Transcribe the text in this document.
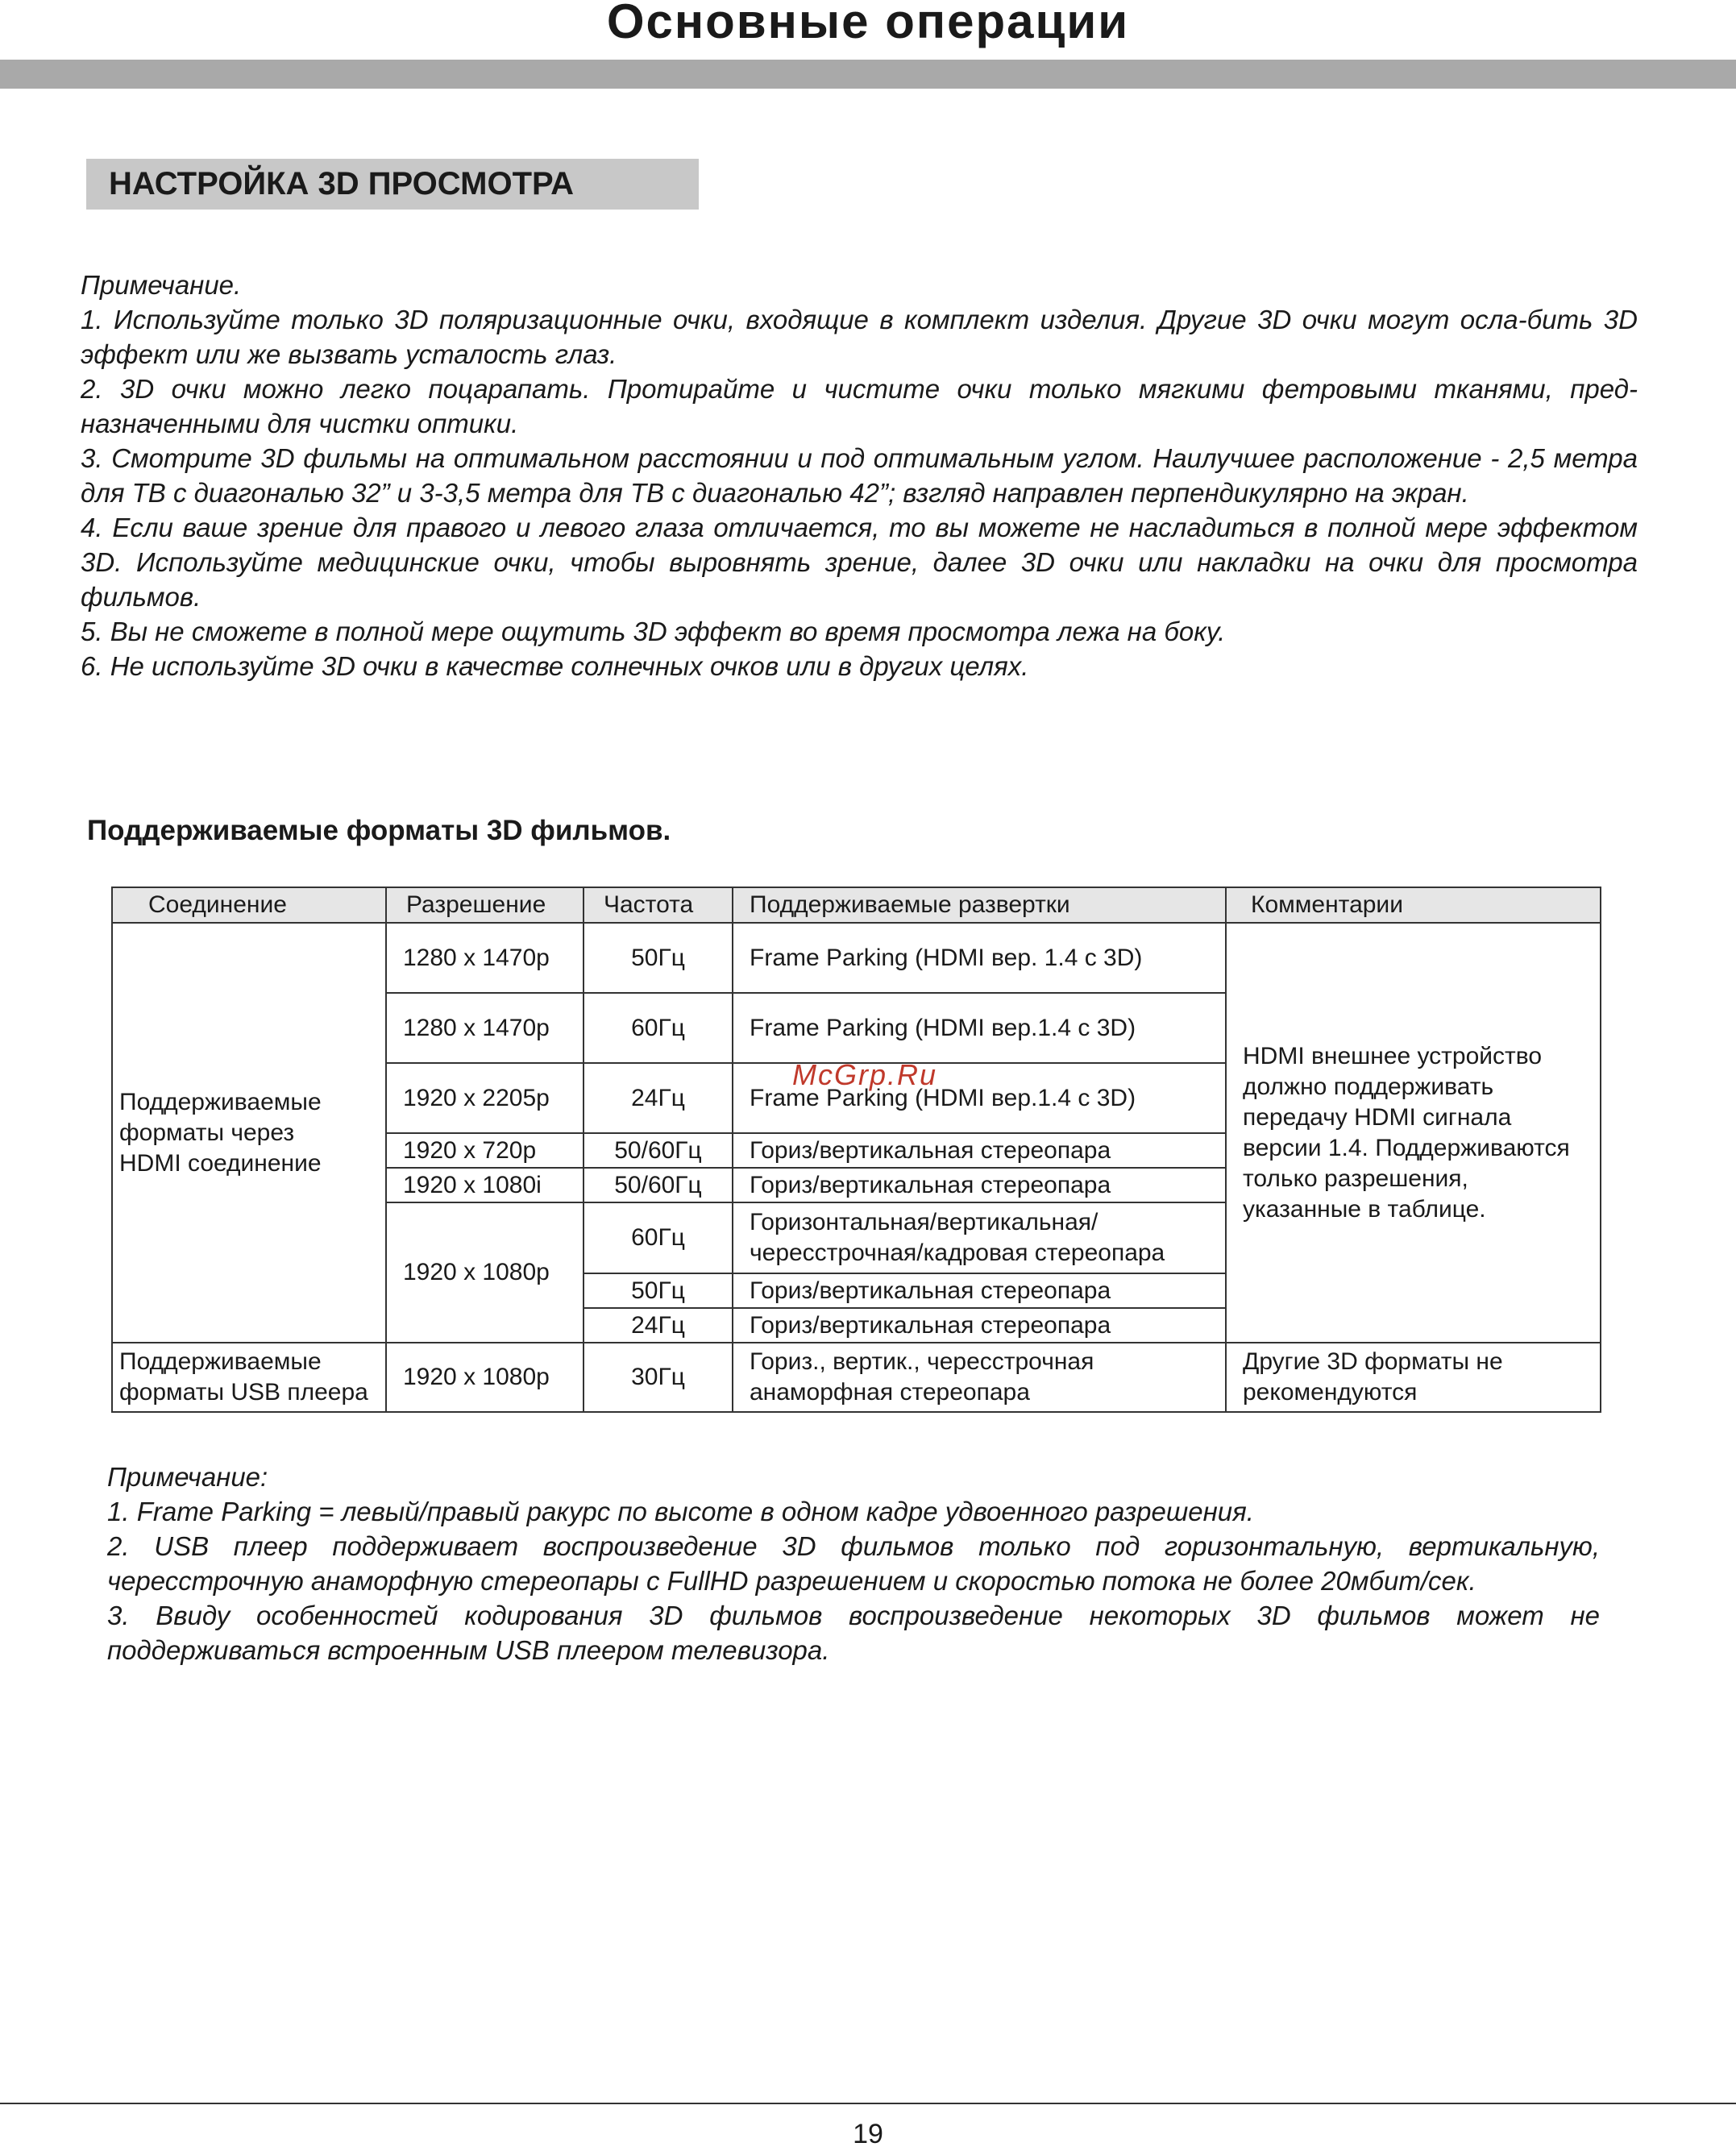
Основные операции
НАСТРОЙКА 3D ПРОСМОТРА
Примечание.
1. Используйте только 3D поляризационные очки, входящие в комплект изделия. Другие 3D очки могут осла-бить 3D эффект или же вызвать усталость глаз.
2. 3D очки можно легко поцарапать. Протирайте и чистите очки только мягкими фетровыми тканями, пред-назначенными для чистки оптики.
3. Смотрите 3D фильмы на оптимальном расстоянии и под оптимальным углом. Наилучшее расположение - 2,5 метра для ТВ с диагональю 32” и 3-3,5 метра для ТВ с диагональю 42”; взгляд направлен перпендикулярно на экран.
4. Если ваше зрение для правого и левого глаза отличается, то вы можете не насладиться в полной мере эффектом 3D. Используйте медицинские очки, чтобы выровнять зрение, далее 3D очки или накладки на очки для просмотра фильмов.
5. Вы не сможете в полной мере ощутить 3D эффект во время просмотра лежа на боку.
6. Не используйте 3D очки в качестве солнечных очков или в других целях.
Поддерживаемые форматы 3D фильмов.
Соединение	Разрешение	Частота	Поддерживаемые развертки	Комментарии
Поддерживаемые форматы через HDMI соединение	1280 x 1470p	50Гц	Frame Parking (HDMI вер. 1.4 с 3D)	HDMI внешнее устройство должно поддерживать передачу HDMI сигнала версии 1.4. Поддерживаются только разрешения, указанные в таблице.
	1280 x 1470p	60Гц	Frame Parking (HDMI вер.1.4 с 3D)	
	1920 x 2205p	24Гц	Frame Parking (HDMI вер.1.4 с 3D)	
	1920 x 720p	50/60Гц	Гориз/вертикальная стереопара	
	1920 x 1080i	50/60Гц	Гориз/вертикальная стереопара	
	1920 x 1080p	60Гц	Горизонтальная/вертикальная/ чересстрочная/кадровая стереопара	
		50Гц	Гориз/вертикальная стереопара	
		24Гц	Гориз/вертикальная стереопара	
Поддерживаемые форматы USB плеера	1920 x 1080p	30Гц	Гориз., вертик., чересстрочная анаморфная стереопара	Другие 3D форматы не рекомендуются
McGrp.Ru
Примечание:
1. Frame Parking = левый/правый ракурс по высоте в одном кадре удвоенного разрешения.
2. USB плеер поддерживает воспроизведение 3D фильмов только под горизонтальную, вертикальную, чересстрочную анаморфную стереопары с FullHD разрешением и скоростью потока не более 20мбит/сек.
3. Ввиду особенностей кодирования 3D фильмов воспроизведение некоторых 3D фильмов может не поддерживаться встроенным USB плеером телевизора.
19
